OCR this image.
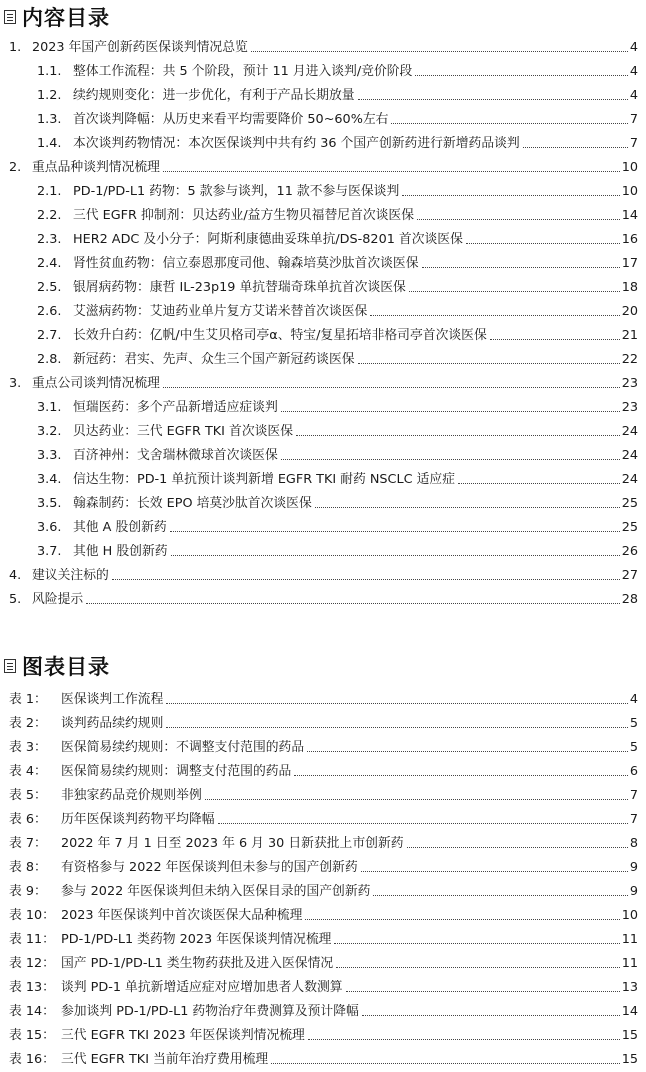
内容目录
1. 2023 年国产创新药医保谈判情况总览	4
1.1. 整体工作流程：共 5 个阶段，预计 11 月进入谈判/竞价阶段	4
1.2. 续约规则变化：进一步优化，有利于产品长期放量	4
1.3. 首次谈判降幅：从历史来看平均需要降价 50~60%左右	7
1.4. 本次谈判药物情况：本次医保谈判中共有约 36 个国产创新药进行新增药品谈判	7
2. 重点品种谈判情况梳理	10
2.1. PD-1/PD-L1 药物：5 款参与谈判，11 款不参与医保谈判	10
2.2. 三代 EGFR 抑制剂：贝达药业/益方生物贝福替尼首次谈医保	14
2.3. HER2 ADC 及小分子：阿斯利康德曲妥珠单抗/DS-8201 首次谈医保	16
2.4. 肾性贫血药物：信立泰恩那度司他、翰森培莫沙肽首次谈医保	17
2.5. 银屑病药物：康哲 IL-23p19 单抗替瑞奇珠单抗首次谈医保	18
2.6. 艾滋病药物：艾迪药业单片复方艾诺米替首次谈医保	20
2.7. 长效升白药：亿帆/中生艾贝格司亭α、特宝/复星拓培非格司亭首次谈医保	21
2.8. 新冠药：君实、先声、众生三个国产新冠药谈医保	22
3. 重点公司谈判情况梳理	23
3.1. 恒瑞医药：多个产品新增适应症谈判	23
3.2. 贝达药业：三代 EGFR TKI 首次谈医保	24
3.3. 百济神州：戈舍瑞林微球首次谈医保	24
3.4. 信达生物：PD-1 单抗预计谈判新增 EGFR TKI 耐药 NSCLC 适应症	24
3.5. 翰森制药：长效 EPO 培莫沙肽首次谈医保	25
3.6. 其他 A 股创新药	25
3.7. 其他 H 股创新药	26
4. 建议关注标的	27
5. 风险提示	28
图表目录
表 1：	医保谈判工作流程	4
表 2：	谈判药品续约规则	5
表 3：	医保简易续约规则：不调整支付范围的药品	5
表 4：	医保简易续约规则：调整支付范围的药品	6
表 5：	非独家药品竞价规则举例	7
表 6：	历年医保谈判药物平均降幅	7
表 7：	2022 年 7 月 1 日至 2023 年 6 月 30 日新获批上市创新药	8
表 8：	有资格参与 2022 年医保谈判但未参与的国产创新药	9
表 9：	参与 2022 年医保谈判但未纳入医保目录的国产创新药	9
表 10： 2023 年医保谈判中首次谈医保大品种梳理	10
表 11： PD-1/PD-L1 类药物 2023 年医保谈判情况梳理	11
表 12： 国产 PD-1/PD-L1 类生物药获批及进入医保情况	11
表 13： 谈判 PD-1 单抗新增适应症对应增加患者人数测算	13
表 14： 参加谈判 PD-1/PD-L1 药物治疗年费测算及预计降幅	14
表 15： 三代 EGFR TKI 2023 年医保谈判情况梳理	15
表 16： 三代 EGFR TKI 当前年治疗费用梳理	15
